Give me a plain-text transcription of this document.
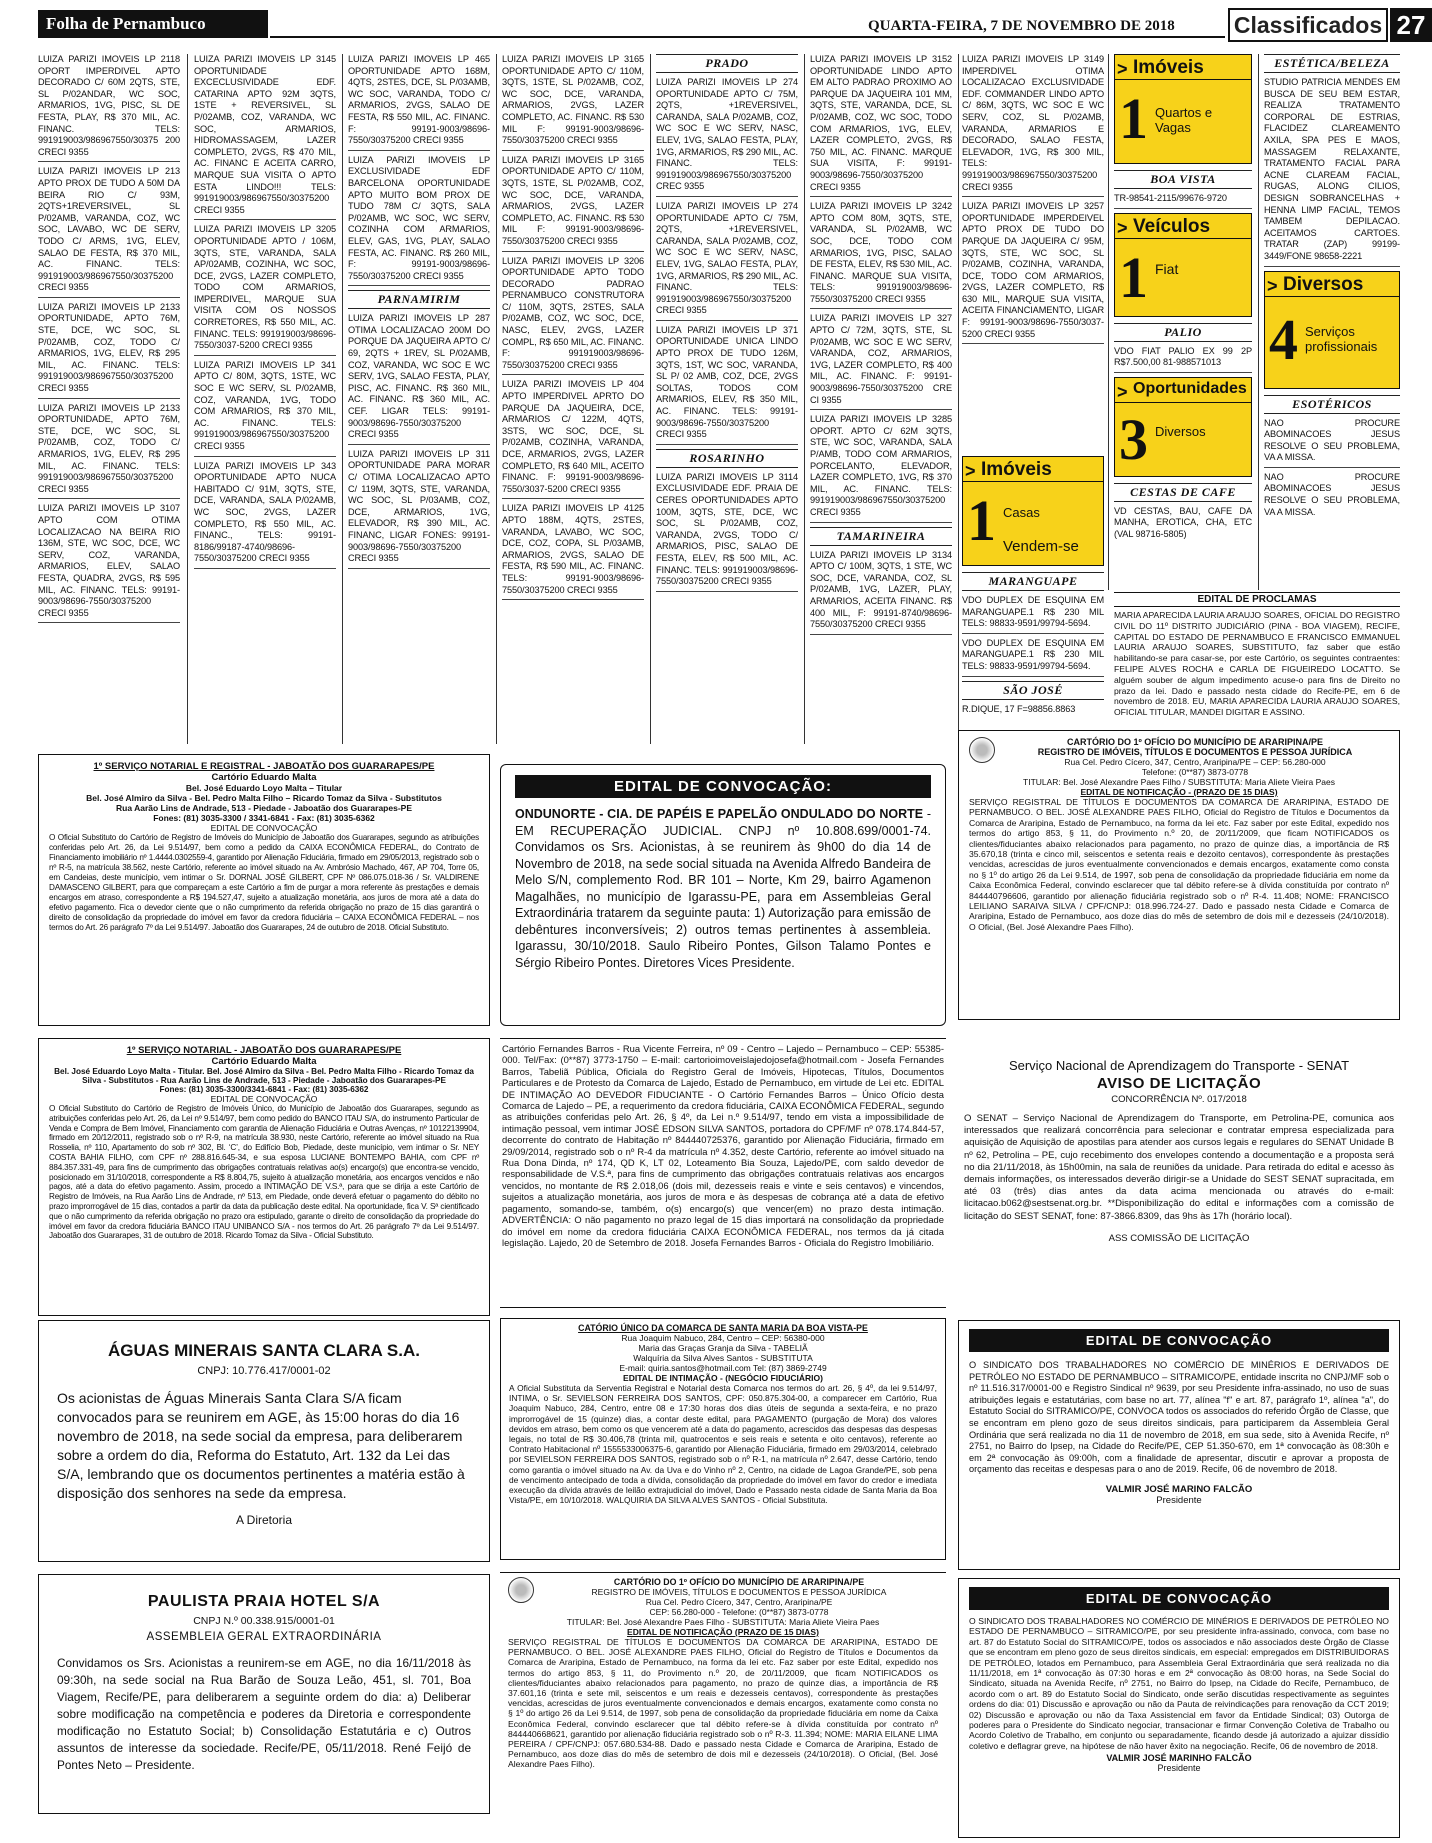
Folha de Pernambuco	QUARTA-FEIRA, 7 DE NOVEMBRO DE 2018	Classificados 27
LUIZA PARIZI IMOVEIS LP 2118 OPORT IMPERDIVEL APTO DECORADO C/ 60M 2QTS, STE, SL P/02ANDAR, WC SOC, ARMARIOS, 1VG, PISC, SL DE FESTA, PLAY, R$ 370 MIL, AC. FINANC. TELS: 991919003/986967550/30375 200 CRECI 9355
LUIZA PARIZI IMOVEIS LP 213 APTO PROX DE TUDO A 50M DA BEIRA RIO C/ 93M, 2QTS+1REVERSIVEL, SL P/02AMB, VARANDA, COZ, WC SOC, LAVABO, WC DE SERV, TODO C/ ARMS, 1VG, ELEV, SALAO DE FESTA, R$ 370 MIL, AC. FINANC. TELS: 991919003/986967550/30375200 CRECI 9355
LUIZA PARIZI IMOVEIS LP 2133 OPORTUNIDADE, APTO 76M, STE, DCE, WC SOC, SL P/02AMB, COZ, TODO C/ ARMARIOS, 1VG, ELEV, R$ 295 MIL, AC. FINANC. TELS: 991919003/986967550/30375200 CRECI 9355
LUIZA PARIZI IMOVEIS LP 2133 OPORTUNIDADE, APTO 76M, STE, DCE, WC SOC, SL P/02AMB, COZ, TODO C/ ARMARIOS, 1VG, ELEV, R$ 295 MIL, AC. FINANC. TELS: 991919003/986967550/30375200 CRECI 9355
LUIZA PARIZI IMOVEIS LP 3107 APTO COM OTIMA LOCALIZACAO NA BEIRA RIO 136M, STE, WC SOC, DCE, WC SERV, COZ, VARANDA, ARMARIOS, ELEV, SALAO FESTA, QUADRA, 2VGS, R$ 595 MIL, AC. FINANC. TELS: 99191-9003/98696-7550/30375200 CRECI 9355
LUIZA PARIZI IMOVEIS LP 3145 OPORTUNIDADE EXCECLUSIVIDADE EDF. CATARINA APTO 92M 3QTS, 1STE + REVERSIVEL, SL P/02AMB, COZ, VARANDA, WC SOC, ARMARIOS, HIDROMASSAGEM, LAZER COMPLETO, 2VGS, R$ 470 MIL, AC. FINANC E ACEITA CARRO, MARQUE SUA VISITA O APTO ESTA LINDO!!! TELS: 991919003/986967550/30375200 CRECI 9355
LUIZA PARIZI IMOVEIS LP 3205 OPORTUNIDADE APTO / 106M, 3QTS, STE, VARANDA, SALA AP/02AMB, COZINHA, WC SOC, DCE, 2VGS, LAZER COMPLETO, TODO COM ARMARIOS, IMPERDIVEL, MARQUE SUA VISITA COM OS NOSSOS CORRETORES, R$ 550 MIL, AC. FINANC. TELS: 991919003/98696-7550/3037-5200 CRECI 9355
LUIZA PARIZI IMOVEIS LP 341 APTO C/ 80M, 3QTS, 1STE, WC SOC E WC SERV, SL P/02AMB, COZ, VARANDA, 1VG, TODO COM ARMARIOS, R$ 370 MIL, AC. FINANC. TELS: 991919003/986967550/30375200 CRECI 9355
LUIZA PARIZI IMOVEIS LP 343 OPORTUNIDADE APTO NUCA HABITADO C/ 91M, 3QTS, STE, DCE, VARANDA, SALA P/02AMB, WC SOC, 2VGS, LAZER COMPLETO, R$ 550 MIL, AC. FINANC., TELS: 99191-8186/99187-4740/98696-7550/30375200 CRECI 9355
LUIZA PARIZI IMOVEIS LP 465 OPORTUNIDADE APTO 168M, 4QTS, 2STES, DCE, SL P/03AMB, WC SOC, VARANDA, TODO C/ ARMARIOS, 2VGS, SALAO DE FESTA, R$ 550 MIL, AC. FINANC. F: 99191-9003/98696-7550/30375200 CRECI 9355
LUIZA PARIZI IMOVEIS LP EXCLUSIVIDADE EDF BARCELONA OPORTUNIDADE APTO MUITO BOM PROX DE TUDO 78M C/ 3QTS, SALA P/02AMB, WC SOC, WC SERV, COZINHA COM ARMARIOS, ELEV, GAS, 1VG, PLAY, SALAO FESTA, AC. FINANC. R$ 260 MIL, F: 99191-9003/98696-7550/30375200 CRECI 9355
PARNAMIRIM
LUIZA PARIZI IMOVEIS LP 287 OTIMA LOCALIZACAO 200M DO PORQUE DA JAQUEIRA APTO C/ 69, 2QTS + 1REV, SL P/02AMB, COZ, VARANDA, WC SOC E WC SERV, 1VG, SALAO FESTA, PLAY, PISC, AC. FINANC. R$ 360 MIL, AC. FINANC. R$ 360 MIL, AC. CEF. LIGAR TELS: 99191-9003/98696-7550/30375200 CRECI 9355
LUIZA PARIZI IMOVEIS LP 311 OPORTUNIDADE PARA MORAR C/ OTIMA LOCALIZACAO APTO C/ 119M, 3QTS, STE, VARANDA, WC SOC, SL P/03AMB, COZ, DCE, ARMARIOS, 1VG, ELEVADOR, R$ 390 MIL, AC. FINANC, LIGAR FONES: 99191-9003/98696-7550/30375200 CRECI 9355
LUIZA PARIZI IMOVEIS LP 3165 OPORTUNIDADE APTO C/ 110M, 3QTS, 1STE, SL P/02AMB, COZ, WC SOC, DCE, VARANDA, ARMARIOS, 2VGS, LAZER COMPLETO, AC. FINANC. R$ 530 MIL F: 99191-9003/98696-7550/30375200 CRECI 9355
LUIZA PARIZI IMOVEIS LP 3165 OPORTUNIDADE APTO C/ 110M, 3QTS, 1STE, SL P/02AMB, COZ, WC SOC, DCE, VARANDA, ARMARIOS, 2VGS, LAZER COMPLETO, AC. FINANC. R$ 530 MIL F: 99191-9003/98696-7550/30375200 CRECI 9355
LUIZA PARIZI IMOVEIS LP 3206 OPORTUNIDADE APTO TODO DECORADO PADRAO PERNAMBUCO CONSTRUTORA C/ 110M, 3QTS, 2STES, SALA P/02AMB, COZ, WC SOC, DCE, NASC, ELEV, 2VGS, LAZER COMPL, R$ 650 MIL, AC. FINANC. F: 991919003/98696-7550/30375200 CRECI 9355
LUIZA PARIZI IMOVEIS LP 404 APTO IMPERDIVEL APRTO DO PARQUE DA JAQUEIRA, DCE, ARMARIOS C/ 122M, 4QTS, 3STS, WC SOC, DCE, SL P/02AMB, COZINHA, VARANDA, DCE, ARMARIOS, 2VGS, LAZER COMPLETO, R$ 640 MIL, ACEITO FINANC. F: 99191-9003/98696-7550/3037-5200 CRECI 9355
LUIZA PARIZI IMOVEIS LP 4125 APTO 188M, 4QTS, 2STES, VARANDA, LAVABO, WC SOC, DCE, COZ, COPA, SL P/03AMB, ARMARIOS, 2VGS, SALAO DE FESTA, R$ 590 MIL, AC. FINANC. TELS: 99191-9003/98696-7550/30375200 CRECI 9355
PRADO
LUIZA PARIZI IMOVEIS LP 274 OPORTUNIDADE APTO C/ 75M, 2QTS, +1REVERSIVEL, CARANDA, SALA P/02AMB, COZ, WC SOC E WC SERV, NASC, ELEV, 1VG, SALAO FESTA, PLAY, 1VG, ARMARIOS, R$ 290 MIL, AC. FINANC. TELS: 991919003/986967550/30375200 CREC 9355
LUIZA PARIZI IMOVEIS LP 274 OPORTUNIDADE APTO C/ 75M, 2QTS, +1REVERSIVEL, CARANDA, SALA P/02AMB, COZ, WC SOC E WC SERV, NASC, ELEV, 1VG, SALAO FESTA, PLAY, 1VG, ARMARIOS, R$ 290 MIL, AC. FINANC. TELS: 991919003/986967550/30375200 CRECI 9355
LUIZA PARIZI IMOVEIS LP 371 OPORTUNIDADE UNICA LINDO APTO PROX DE TUDO 126M, 3QTS, 1ST, WC SOC, VARANDA, SL P/ 02 AMB, COZ, DCE, 2VGS SOLTAS, TODOS COM ARMARIOS, ELEV, R$ 350 MIL, AC. FINANC. TELS: 99191-9003/98696-7550/30375200 CRECI 9355
ROSARINHO
LUIZA PARIZI IMOVEIS LP 3114 EXCLUSIVIDADE EDF. PRAIA DE CERES OPORTUNIDADES APTO 100M, 3QTS, STE, DCE, WC SOC, SL P/02AMB, COZ, VARANDA, 2VGS, TODO C/ ARMARIOS, PISC, SALAO DE FESTA, ELEV, R$ 500 MIL, AC. FINANC. TELS: 991919003/98696-7550/30375200 CRECI 9355
LUIZA PARIZI IMOVEIS LP 3152 OPORTUNIDADE LINDO APTO EM ALTO PADRAO PROXIMO AO PARQUE DA JAQUEIRA 101 MM, 3QTS, STE, VARANDA, DCE, SL P/02AMB, COZ, WC SOC, TODO COM ARMARIOS, 1VG, ELEV, LAZER COMPLETO, 2VGS, R$ 750 MIL, AC. FINANC. MARQUE SUA VISITA, F: 99191-9003/98696-7550/30375200 CRECI 9355
LUIZA PARIZI IMOVEIS LP 3242 APTO COM 80M, 3QTS, STE, VARANDA, SL P/02AMB, WC SOC, DCE, TODO COM ARMARIOS, 1VG, PISC, SALAO DE FESTA, ELEV, R$ 530 MIL, AC. FINANC. MARQUE SUA VISITA, TELS: 991919003/98696-7550/30375200 CRECI 9355
LUIZA PARIZI IMOVEIS LP 327 APTO C/ 72M, 3QTS, STE, SL P/02AMB, WC SOC E WC SERV, VARANDA, COZ, ARMARIOS, 1VG, LAZER COMPLETO, R$ 400 MIL, AC. FINANC. F: 99191-9003/98696-7550/30375200 CRE CI 9355
LUIZA PARIZI IMOVEIS LP 3285 OPORT. APTO C/ 62M 3QTS, STE, WC SOC, VARANDA, SALA P/AMB, TODO COM ARMARIOS, PORCELANTO, ELEVADOR, LAZER COMPLETO, 1VG, R$ 370 MIL, AC. FINANC. TELS: 991919003/986967550/30375200 CRECI 9355
TAMARINEIRA
LUIZA PARIZI IMOVEIS LP 3134 APTO C/ 100M, 3QTS, 1 STE, WC SOC, DCE, VARANDA, COZ, SL P/02AMB, 1VG, LAZER, PLAY, ARMARIOS, ACEITA FINANC. R$ 400 MIL, F: 99191-8740/98696-7550/30375200 CRECI 9355
LUIZA PARIZI IMOVEIS LP 3149 IMPERDIVEL OTIMA LOCALIZACAO EXCLUSIVIDADE EDF. COMMANDER LINDO APTO C/ 86M, 3QTS, WC SOC E WC SERV, COZ, SL P/02AMB, VARANDA, ARMARIOS E DECORADO, SALAO FESTA, ELEVADOR, 1VG, R$ 300 MIL, TELS: 991919003/986967550/30375200 CRECI 9355
LUIZA PARIZI IMOVEIS LP 3257 OPORTUNIDADE IMPERDEIVEL APTO PROX DE TUDO DO PARQUE DA JAQUEIRA C/ 95M, 3QTS, STE, WC SOC, SL P/02AMB, COZINHA, VARANDA, DCE, TODO COM ARMARIOS, 2VGS, LAZER COMPLETO, R$ 630 MIL, MARQUE SUA VISITA, ACEITA FINANCIAMENTO, LIGAR F: 99191-9003/98696-7550/3037-5200 CRECI 9355
> Imóveis
1 Casas
Vendem-se
MARANGUAPE
VDO DUPLEX DE ESQUINA EM MARANGUAPE.1 R$ 230 MIL TELS: 98833-9591/99794-5694.
VDO DUPLEX DE ESQUINA EM MARANGUAPE.1 R$ 230 MIL TELS: 98833-9591/99794-5694.
SÃO JOSÉ
R.DIQUE, 17 F=98856.8863
> Imóveis
1 Quartos e Vagas
BOA VISTA
TR-98541-2115/99676-9720
> Veículos
1 Fiat
PALIO
VDO FIAT PALIO EX 99 2P R$7.500,00 81-988571013
> Oportunidades
3 Diversos
CESTAS DE CAFE
VD CESTAS, BAU, CAFE DA MANHA, EROTICA, CHA, ETC (VAL 98716-5805)
ESTÉTICA/BELEZA
STUDIO PATRICIA MENDES EM BUSCA DE SEU BEM ESTAR, REALIZA TRATAMENTO CORPORAL DE ESTRIAS, FLACIDEZ CLAREAMENTO AXILA, SPA PES E MAOS, MASSAGEM RELAXANTE, TRATAMENTO FACIAL PARA ACNE CLAREAM FACIAL, RUGAS, ALONG CILIOS, DESIGN SOBRANCELHAS + HENNA LIMP FACIAL, TEMOS TAMBEM DEPILACAO. ACEITAMOS CARTOES. TRATAR (ZAP) 99199-3449/FONE 98658-2221
> Diversos
4 Serviços profissionais
ESOTÉRICOS
NAO PROCURE ABOMINACOES JESUS RESOLVE O SEU PROBLEMA, VA A MISSA.
NAO PROCURE ABOMINACOES JESUS RESOLVE O SEU PROBLEMA, VA A MISSA.
EDITAL DE PROCLAMAS
MARIA APARECIDA LAURIA ARAUJO SOARES, OFICIAL DO REGISTRO CIVIL DO 11º DISTRITO JUDICIÁRIO (PINA - BOA VIAGEM), RECIFE, CAPITAL DO ESTADO DE PERNAMBUCO E FRANCISCO EMMANUEL LAURIA ARAUJO SOARES, SUBSTITUTO, faz saber que estão habilitando-se para casar-se, por este Cartório, os seguintes contraentes: FELIPE ALVES ROCHA e CARLA DE FIGUEIREDO LOCATTO. Se alguém souber de algum impedimento acuse-o para fins de Direito no prazo da lei. Dado e passado nesta cidade do Recife-PE, em 6 de novembro de 2018. EU, MARIA APARECIDA LAURIA ARAUJO SOARES, OFICIAL TITULAR, MANDEI DIGITAR E ASSINO.
1º SERVIÇO NOTARIAL E REGISTRAL - JABOATÃO DOS GUARARAPES/PE
Cartório Eduardo Malta
Bel. José Eduardo Loyo Malta – Titular
Bel. José Almiro da Silva - Bel. Pedro Malta Filho – Ricardo Tomaz da Silva - Substitutos
Rua Aarão Lins de Andrade, 513 - Piedade - Jaboatão dos Guararapes-PE
Fones: (81) 3035-3300 / 3341-6841 - Fax: (81) 3035-6362
EDITAL DE CONVOCAÇÃO
O Oficial Substituto do Cartório de Registro de Imóveis do Município de Jaboatão dos Guararapes, segundo as atribuições conferidas pelo Art. 26, da Lei 9.514/97, bem como a pedido da CAIXA ECONÔMICA FEDERAL, do Contrato de Financiamento imobiliário nº 1.4444.0302559-4, garantido por Alienação Fiduciária, firmado em 29/05/2013, registrado sob o nº R-5, na matrícula 38.562, neste Cartório, referente ao imóvel situado na Av. Ambrósio Machado, 467, AP 704, Torre 05, em Candeias, deste município, vem intimar o Sr. DORNAL JOSÉ GILBERT, CPF Nº 086.075.018-36 / Sr. VALDIRENE DAMASCENO GILBERT, para que compareçam a este Cartório a fim de purgar a mora referente às prestações e demais encargos em atraso, correspondente a R$ 194.527,47, sujeito a atualização monetária, aos juros de mora até a data do efetivo pagamento. Fica o devedor ciente que o não cumprimento da referida obrigação no prazo de 15 dias garantirá o direito de consolidação da propriedade do imóvel em favor da credora fiduciária – CAIXA ECONÔMICA FEDERAL – nos termos do Art. 26 parágrafo 7º da Lei 9.514/97. Jaboatão dos Guararapes, 24 de outubro de 2018. Oficial Substituto.
EDITAL DE CONVOCAÇÃO:
ONDUNORTE - CIA. DE PAPÉIS E PAPELÃO ONDULADO DO NORTE - EM RECUPERAÇÃO JUDICIAL. CNPJ nº 10.808.699/0001-74. Convidamos os Srs. Acionistas, à se reunirem às 9h00 do dia 14 de Novembro de 2018, na sede social situada na Avenida Alfredo Bandeira de Melo S/N, complemento Rod. BR 101 – Norte, Km 29, bairro Agamenon Magalhães, no município de Igarassu-PE, para em Assembleias Geral Extraordinária tratarem da seguinte pauta: 1) Autorização para emissão de debêntures inconversíveis; 2) outros temas pertinentes à assembleia. Igarassu, 30/10/2018. Saulo Ribeiro Pontes, Gilson Talamo Pontes e Sérgio Ribeiro Pontes. Diretores Vices Presidente.
CARTÓRIO DO 1º OFÍCIO DO MUNICÍPIO DE ARARIPINA/PE
REGISTRO DE IMÓVEIS, TÍTULOS E DOCUMENTOS E PESSOA JURÍDICA
Rua Cel. Pedro Cícero, 347, Centro, Araripina/PE – CEP: 56.280-000
Telefone: (0**87) 3873-0778
TITULAR: Bel. José Alexandre Paes Filho / SUBSTITUTA: Maria Aliete Vieira Paes
EDITAL DE NOTIFICAÇÃO - (PRAZO DE 15 DIAS)
SERVIÇO REGISTRAL DE TÍTULOS E DOCUMENTOS DA COMARCA DE ARARIPINA, ESTADO DE PERNAMBUCO. O BEL. JOSÉ ALEXANDRE PAES FILHO, Oficial do Registro de Títulos e Documentos da Comarca de Araripina, Estado de Pernambuco, na forma da lei etc. Faz saber por este Edital, expedido nos termos do artigo 853, § 11, do Provimento n.º 20, de 20/11/2009, que ficam NOTIFICADOS os clientes/fiduciantes abaixo relacionados para pagamento, no prazo de quinze dias, a importância de R$ 35.670,18 (trinta e cinco mil, seiscentos e setenta reais e dezoito centavos), correspondente às prestações vencidas, acrescidas de juros eventualmente convencionados e demais encargos, exatamente como consta no § 1º do artigo 26 da Lei 9.514, de 1997, sob pena de consolidação da propriedade fiduciária em nome da Caixa Econômica Federal, convindo esclarecer que tal débito refere-se à dívida constituída por contrato nº 844440796606, garantido por alienação fiduciária registrado sob o nº R-4. 11.408; NOME: FRANCISCO LEILIANO SARAIVA SILVA / CPF/CNPJ: 018.996.724-27. Dado e passado nesta Cidade e Comarca de Araripina, Estado de Pernambuco, aos doze dias do mês de setembro de dois mil e dezesseis (24/10/2018). O Oficial, (Bel. José Alexandre Paes Filho).
1º SERVIÇO NOTARIAL - JABOATÃO DOS GUARARAPES/PE
Cartório Eduardo Malta
Bel. José Eduardo Loyo Malta - Titular. Bel. José Almiro da Silva - Bel. Pedro Malta Filho - Ricardo Tomaz da Silva - Substitutos - Rua Aarão Lins de Andrade, 513 - Piedade - Jaboatão dos Guararapes-PE
Fones: (81) 3035-3300/3341-6841 - Fax: (81) 3035-6362
EDITAL DE CONVOCAÇÃO
O Oficial Substituto do Cartório de Registro de Imóveis Único, do Município de Jaboatão dos Guararapes, segundo as atribuições conferidas pelo Art. 26, da Lei nº 9.514/97, bem como pedido do BANCO ITAU S/A, do instrumento Particular de Venda e Compra de Bem Imóvel, Financiamento com garantia de Alienação Fiduciária e Outras Avenças, nº 10122139904, firmado em 20/12/2011, registrado sob o nº R-9, na matrícula 38.930, neste Cartório, referente ao imóvel situado na Rua Rosselia, nº 110, Apartamento do sob nº 302, Bl. ‘C’, do Edifício Bob, Piedade, deste município, vem intimar o Sr. NEY COSTA BAHIA FILHO, com CPF nº 288.816.645-34, e sua esposa LUCIANE BONTEMPO BAHIA, com CPF nº 884.357.331-49, para fins de cumprimento das obrigações contratuais relativas ao(s) encargo(s) que encontra-se vencido, posicionado em 31/10/2018, correspondente a R$ 8.804,75, sujeito à atualização monetária, aos encargos vencidos e não pagos, até a data do efetivo pagamento. Assim, procedo a INTIMAÇÃO DE V.S.ª, para que se dirija a este Cartório de Registro de Imóveis, na Rua Aarão Lins de Andrade, nº 513, em Piedade, onde deverá efetuar o pagamento do débito no prazo improrrogável de 15 dias, contados a partir da data da publicação deste edital. Na oportunidade, fica V. Sª cientificado que o não cumprimento da referida obrigação no prazo ora estipulado, garante o direito de consolidação da propriedade do imóvel em favor da credora fiduciária BANCO ITAU UNIBANCO S/A - nos termos do Art. 26 parágrafo 7º da Lei 9.514/97. Jaboatão dos Guararapes, 31 de outubro de 2018. Ricardo Tomaz da Silva - Oficial Substituto.
Cartório Fernandes Barros - Rua Vicente Ferreira, nº 09 - Centro – Lajedo – Pernambuco – CEP: 55385-000. Tel/Fax: (0**87) 3773-1750 – E-mail: cartorioimoveislajedojosefa@hotmail.com - Josefa Fernandes Barros, Tabeliã Pública, Oficiala do Registro Geral de Imóveis, Hipotecas, Títulos, Documentos Particulares e de Protesto da Comarca de Lajedo, Estado de Pernambuco, em virtude de Lei etc. EDITAL DE INTIMAÇÃO AO DEVEDOR FIDUCIANTE - O Cartório Fernandes Barros – Único Ofício desta Comarca de Lajedo – PE, a requerimento da credora fiduciária, CAIXA ECONÔMICA FEDERAL, segundo as atribuições conferidas pelo Art. 26, § 4º, da Lei n.º 9.514/97, tendo em vista a impossibilidade de intimação pessoal, vem intimar JOSÉ EDSON SILVA SANTOS, portadora do CPF/MF nº 078.174.844-57, decorrente do contrato de Habitação nº 844440725376, garantido por Alienação Fiduciária, firmado em 29/09/2014, registrado sob o nº R-4 da matrícula nº 4.352, deste Cartório, referente ao imóvel situado na Rua Dona Dinda, nº 174, QD K, LT 02, Loteamento Bia Souza, Lajedo/PE, com saldo devedor de responsabilidade de V.S.ª, para fins de cumprimento das obrigações contratuais relativas aos encargos vencidos, no montante de R$ 2.018,06 (dois mil, dezesseis reais e vinte e seis centavos) e vincendos, sujeitos a atualização monetária, aos juros de mora e às despesas de cobrança até a data de efetivo pagamento, somando-se, também, o(s) encargo(s) que vencer(em) no prazo desta intimação. ADVERTÊNCIA: O não pagamento no prazo legal de 15 dias importará na consolidação da propriedade do imóvel em nome da credora fiduciária CAIXA ECONÔMICA FEDERAL, nos termos da já citada legislação. Lajedo, 20 de Setembro de 2018. Josefa Fernandes Barros - Oficiala do Registro Imobiliário.
Serviço Nacional de Aprendizagem do Transporte - SENAT
AVISO DE LICITAÇÃO
CONCORRÊNCIA Nº. 017/2018
O SENAT – Serviço Nacional de Aprendizagem do Transporte, em Petrolina-PE, comunica aos interessados que realizará concorrência para selecionar e contratar empresa especializada para aquisição de Aquisição de apostilas para atender aos cursos legais e regulares do SENAT Unidade B nº 62, Petrolina – PE, cujo recebimento dos envelopes contendo a documentação e a proposta será no dia 21/11/2018, às 15h00min, na sala de reuniões da unidade. Para retirada do edital e acesso às demais informações, os interessados deverão dirigir-se a Unidade do SEST SENAT supracitada, em até 03 (três) dias antes da data acima mencionada ou através do e-mail: licitacao.b062@sestsenat.org.br. **Disponibilização do edital e informações com a comissão de licitação do SEST SENAT, fone: 87-3866.8309, das 9hs às 17h (horário local).
ASS COMISSÃO DE LICITAÇÃO
ÁGUAS MINERAIS SANTA CLARA S.A.
CNPJ: 10.776.417/0001-02
Os acionistas de Águas Minerais Santa Clara S/A ficam convocados para se reunirem em AGE, às 15:00 horas do dia 16 novembro de 2018, na sede social da empresa, para deliberarem sobre a ordem do dia, Reforma do Estatuto, Art. 132 da Lei das S/A, lembrando que os documentos pertinentes a matéria estão à disposição dos senhores na sede da empresa.
A Diretoria
CATÓRIO ÚNICO DA COMARCA DE SANTA MARIA DA BOA VISTA-PE
Rua Joaquim Nabuco, 284, Centro – CEP: 56380-000
Maria das Graças Granja da Silva - TABELIÃ
Walquíria da Silva Alves Santos - SUBSTITUTA
E-mail: quiria.santos@hotmail.com Tel: (87) 3869-2749
EDITAL DE INTIMAÇÃO - (NEGÓCIO FIDUCIÁRIO)
A Oficial Substituta da Serventia Registral e Notarial desta Comarca nos termos do art. 26, § 4º, da lei 9.514/97, INTIMA, o Sr. SEVIELSON FERREIRA DOS SANTOS, CPF: 050.875.304-00, a comparecer em Cartório, Rua Joaquim Nabuco, 284, Centro, entre 08 e 17:30 horas dos dias úteis de segunda a sexta-feira, e no prazo improrrogável de 15 (quinze) dias, a contar deste edital, para PAGAMENTO (purgação de Mora) dos valores devidos em atraso, bem como os que vencerem até a data do pagamento, acrescidos das despesas das despesas legais, no total de R$ 30.406,78 (trinta mil, quatrocentos e seis reais e setenta e oito centavos), referente ao Contrato Habitacional nº 1555533006375-6, garantido por Alienação Fiduciária, firmado em 29/03/2014, celebrado por SEVIELSON FERREIRA DOS SANTOS, registrado sob o nº R-1, na matrícula nº 2.647, desse Cartório, tendo como garantia o imóvel situado na Av. da Uva e do Vinho nº 2, Centro, na cidade de Lagoa Grande/PE, sob pena de vencimento antecipado de toda a dívida, consolidação da propriedade do imóvel em favor do credor e imediata execução da dívida através de leilão extrajudicial do imóvel, Dado e Passado nesta cidade de Santa Maria da Boa Vista/PE, em 10/10/2018. WALQUIRIA DA SILVA ALVES SANTOS - Oficial Substituta.
EDITAL DE CONVOCAÇÃO
O SINDICATO DOS TRABALHADORES NO COMÉRCIO DE MINÉRIOS E DERIVADOS DE PETRÓLEO NO ESTADO DE PERNAMBUCO – SITRAMICO/PE, entidade inscrita no CNPJ/MF sob o nº 11.516.317/0001-00 e Registro Sindical nº 9639, por seu Presidente infra-assinado, no uso de suas atribuições legais e estatutárias, com base no art. 77, alínea "f" e art. 87, parágrafo 1º, alínea "a", do Estatuto Social do SITRAMICO/PE, CONVOCA todos os associados do referido Órgão de Classe, que se encontram em pleno gozo de seus direitos sindicais, para participarem da Assembleia Geral Ordinária que será realizada no dia 11 de novembro de 2018, em sua sede, sito à Avenida Recife, nº 2751, no Bairro do Ipsep, na Cidade do Recife/PE, CEP 51.350-670, em 1ª convocação às 08:30h e em 2ª convocação às 09:00h, com a finalidade de apresentar, discutir e aprovar a proposta de orçamento das receitas e despesas para o ano de 2019. Recife, 06 de novembro de 2018.
VALMIR JOSÉ MARINO FALCÃO
Presidente
PAULISTA PRAIA HOTEL S/A
CNPJ N.º 00.338.915/0001-01
ASSEMBLEIA GERAL EXTRAORDINÁRIA
Convidamos os Srs. Acionistas a reunirem-se em AGE, no dia 16/11/2018 às 09:30h, na sede social na Rua Barão de Souza Leão, 451, sl. 701, Boa Viagem, Recife/PE, para deliberarem a seguinte ordem do dia: a) Deliberar sobre modificação na competência e poderes da Diretoria e correspondente modificação no Estatuto Social; b) Consolidação Estatutária e c) Outros assuntos de interesse da sociedade. Recife/PE, 05/11/2018. René Feijó de Pontes Neto – Presidente.
CARTÓRIO DO 1º OFÍCIO DO MUNICÍPIO DE ARARIPINA/PE
REGISTRO DE IMÓVEIS, TÍTULOS E DOCUMENTOS E PESSOA JURÍDICA
Rua Cel. Pedro Cícero, 347, Centro, Araripina/PE
CEP: 56.280-000 - Telefone: (0**87) 3873-0778
TITULAR: Bel. José Alexandre Paes Filho - SUBSTITUTA: Maria Aliete Vieira Paes
EDITAL DE NOTIFICAÇÃO (PRAZO DE 15 DIAS)
SERVIÇO REGISTRAL DE TÍTULOS E DOCUMENTOS DA COMARCA DE ARARIPINA, ESTADO DE PERNAMBUCO. O BEL. JOSÉ ALEXANDRE PAES FILHO, Oficial do Registro de Títulos e Documentos da Comarca de Araripina, Estado de Pernambuco, na forma da lei etc. Faz saber por este Edital, expedido nos termos do artigo 853, § 11, do Provimento n.º 20, de 20/11/2009, que ficam NOTIFICADOS os clientes/fiduciantes abaixo relacionados para pagamento, no prazo de quinze dias, a importância de R$ 37.601,16 (trinta e sete mil, seiscentos e um reais e dezesseis centavos), correspondente às prestações vencidas, acrescidas de juros eventualmente convencionados e demais encargos, exatamente como consta no § 1º do artigo 26 da Lei 9.514, de 1997, sob pena de consolidação da propriedade fiduciária em nome da Caixa Econômica Federal, convindo esclarecer que tal débito refere-se à dívida constituída por contrato nº 844440668621, garantido por alienação fiduciária registrado sob o nº R-3. 11.394; NOME: MARIA EILANE LIMA PEREIRA / CPF/CNPJ: 057.680.534-88. Dado e passado nesta Cidade e Comarca de Araripina, Estado de Pernambuco, aos doze dias do mês de setembro de dois mil e dezesseis (24/10/2018). O Oficial, (Bel. José Alexandre Paes Filho).
EDITAL DE CONVOCAÇÃO
O SINDICATO DOS TRABALHADORES NO COMÉRCIO DE MINÉRIOS E DERIVADOS DE PETRÓLEO NO ESTADO DE PERNAMBUCO – SITRAMICO/PE, por seu presidente infra-assinado, convoca, com base no art. 87 do Estatuto Social do SITRAMICO/PE, todos os associados e não associados deste Órgão de Classe que se encontram em pleno gozo de seus direitos sindicais, em especial: empregados em DISTRIBUIDORAS DE PETRÓLEO, lotados em Pernambuco, para Assembleia Geral Extraordinária que será realizada no dia 11/11/2018, em 1ª convocação às 07:30 horas e em 2ª convocação às 08:00 horas, na Sede Social do Sindicato, situada na Avenida Recife, nº 2751, no Bairro do Ipsep, na Cidade do Recife, Pernambuco, de acordo com o art. 89 do Estatuto Social do Sindicato, onde serão discutidas respectivamente as seguintes ordens do dia: 01) Discussão e aprovação ou não da Pauta de reivindicações para renovação da CCT 2019; 02) Discussão e aprovação ou não da Taxa Assistencial em favor da Entidade Sindical; 03) Outorga de poderes para o Presidente do Sindicato negociar, transacionar e firmar Convenção Coletiva de Trabalho ou Acordo Coletivo de Trabalho, em conjunto ou separadamente, ficando desde já autorizado a ajuizar dissídio coletivo e deflagrar greve, na hipótese de não haver êxito na negociação. Recife, 06 de novembro de 2018.
VALMIR JOSÉ MARINHO FALCÃO
Presidente
